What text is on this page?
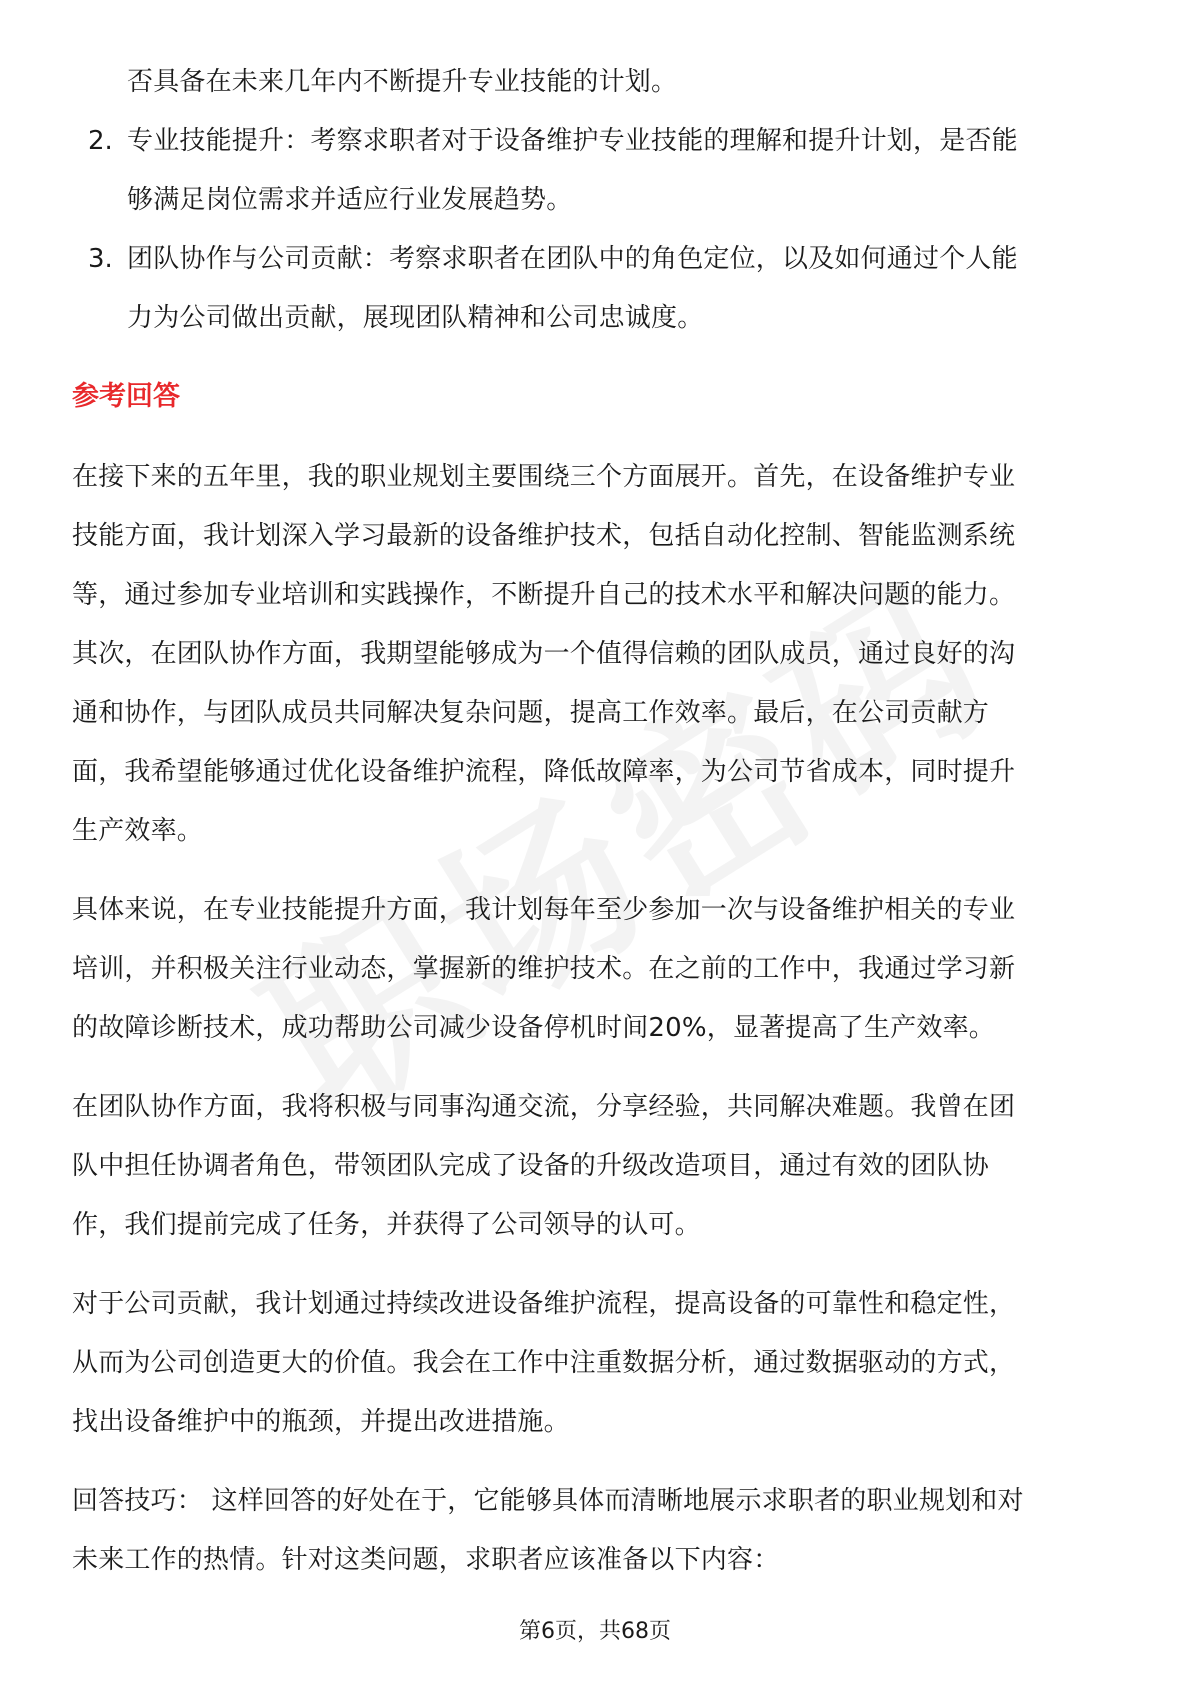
否具备在未来几年内不断提升专业技能的计划。
2. 专业技能提升：考察求职者对于设备维护专业技能的理解和提升计划，是否能
够满足岗位需求并适应行业发展趋势。
3. 团队协作与公司贡献：考察求职者在团队中的角色定位，以及如何通过个人能
力为公司做出贡献，展现团队精神和公司忠诚度。
参考回答
在接下来的五年里，我的职业规划主要围绕三个方面展开。首先，在设备维护专业
技能方面，我计划深入学习最新的设备维护技术，包括自动化控制、智能监测系统
等，通过参加专业培训和实践操作，不断提升自己的技术水平和解决问题的能力。
其次，在团队协作方面，我期望能够成为一个值得信赖的团队成员，通过良好的沟
通和协作，与团队成员共同解决复杂问题，提高工作效率。最后，在公司贡献方
面，我希望能够通过优化设备维护流程，降低故障率，为公司节省成本，同时提升
生产效率。
具体来说，在专业技能提升方面，我计划每年至少参加一次与设备维护相关的专业
培训，并积极关注行业动态，掌握新的维护技术。在之前的工作中，我通过学习新
的故障诊断技术，成功帮助公司减少设备停机时间20%，显著提高了生产效率。
在团队协作方面，我将积极与同事沟通交流，分享经验，共同解决难题。我曾在团
队中担任协调者角色，带领团队完成了设备的升级改造项目，通过有效的团队协
作，我们提前完成了任务，并获得了公司领导的认可。
对于公司贡献，我计划通过持续改进设备维护流程，提高设备的可靠性和稳定性，
从而为公司创造更大的价值。我会在工作中注重数据分析，通过数据驱动的方式，
找出设备维护中的瓶颈，并提出改进措施。
回答技巧： 这样回答的好处在于，它能够具体而清晰地展示求职者的职业规划和对
未来工作的热情。针对这类问题，求职者应该准备以下内容：
第6页，共68页
